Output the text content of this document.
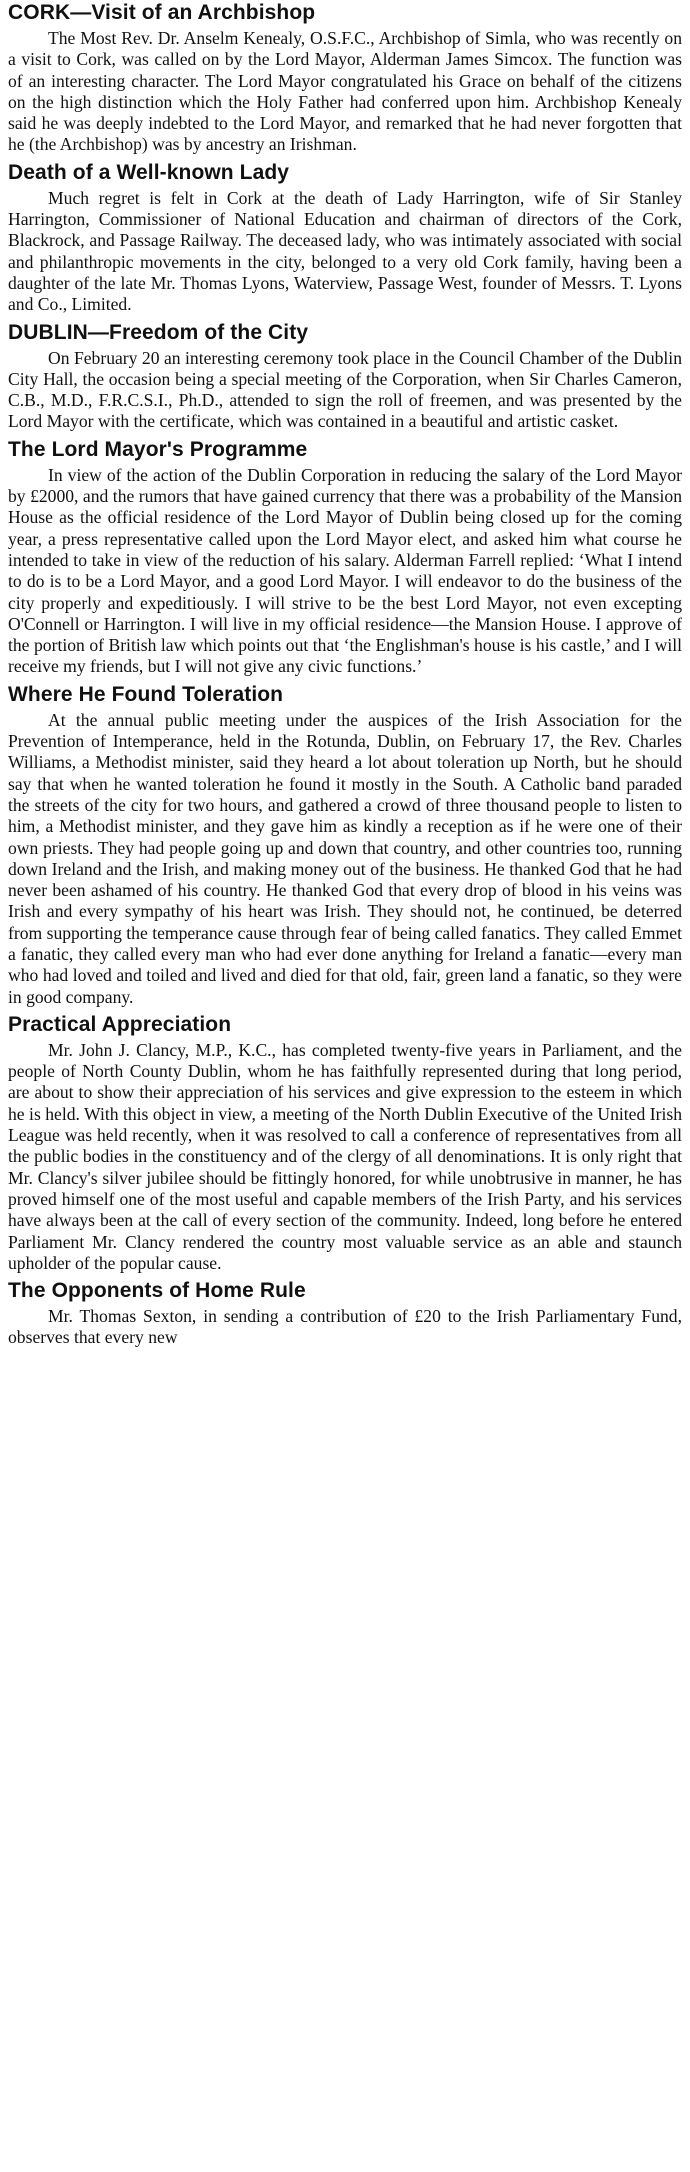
CORK—Visit of an Archbishop

The Most Rev. Dr. Anselm Kenealy, O.S.F.C., Archbishop of Simla, who was recently on a visit to Cork, was called on by the Lord Mayor, Alderman James Simcox. The function was of an interesting character. The Lord Mayor congratulated his Grace on behalf of the citizens on the high distinction which the Holy Father had conferred upon him. Archbishop Kenealy said he was deeply indebted to the Lord Mayor, and remarked that he had never forgotten that he (the Archbishop) was by ancestry an Irishman.

Death of a Well-known Lady

Much regret is felt in Cork at the death of Lady Harrington, wife of Sir Stanley Harrington, Commissioner of National Education and chairman of directors of the Cork, Blackrock, and Passage Railway. The deceased lady, who was intimately associated with social and philanthropic movements in the city, belonged to a very old Cork family, having been a daughter of the late Mr. Thomas Lyons, Waterview, Passage West, founder of Messrs. T. Lyons and Co., Limited.

DUBLIN—Freedom of the City

On February 20 an interesting ceremony took place in the Council Chamber of the Dublin City Hall, the occasion being a special meeting of the Corporation, when Sir Charles Cameron, C.B., M.D., F.R.C.S.I., Ph.D., attended to sign the roll of freemen, and was presented by the Lord Mayor with the certificate, which was contained in a beautiful and artistic casket.

The Lord Mayor's Programme

In view of the action of the Dublin Corporation in reducing the salary of the Lord Mayor by £2000, and the rumors that have gained currency that there was a probability of the Mansion House as the official residence of the Lord Mayor of Dublin being closed up for the coming year, a press representative called upon the Lord Mayor elect, and asked him what course he intended to take in view of the reduction of his salary. Alderman Farrell replied: ‘What I intend to do is to be a Lord Mayor, and a good Lord Mayor. I will endeavor to do the business of the city properly and expeditiously. I will strive to be the best Lord Mayor, not even excepting O'Connell or Harrington. I will live in my official residence—the Mansion House. I approve of the portion of British law which points out that ‘the Englishman's house is his castle,’ and I will receive my friends, but I will not give any civic functions.’

Where He Found Toleration

At the annual public meeting under the auspices of the Irish Association for the Prevention of Intemperance, held in the Rotunda, Dublin, on February 17, the Rev. Charles Williams, a Methodist minister, said they heard a lot about toleration up North, but he should say that when he wanted toleration he found it mostly in the South. A Catholic band paraded the streets of the city for two hours, and gathered a crowd of three thousand people to listen to him, a Methodist minister, and they gave him as kindly a reception as if he were one of their own priests. They had people going up and down that country, and other countries too, running down Ireland and the Irish, and making money out of the business. He thanked God that he had never been ashamed of his country. He thanked God that every drop of blood in his veins was Irish and every sympathy of his heart was Irish. They should not, he continued, be deterred from supporting the temperance cause through fear of being called fanatics. They called Emmet a fanatic, they called every man who had ever done anything for Ireland a fanatic—every man who had loved and toiled and lived and died for that old, fair, green land a fanatic, so they were in good company.

Practical Appreciation

Mr. John J. Clancy, M.P., K.C., has completed twenty-five years in Parliament, and the people of North County Dublin, whom he has faithfully represented during that long period, are about to show their appreciation of his services and give expression to the esteem in which he is held. With this object in view, a meeting of the North Dublin Executive of the United Irish League was held recently, when it was resolved to call a conference of representatives from all the public bodies in the constituency and of the clergy of all denominations. It is only right that Mr. Clancy's silver jubilee should be fittingly honored, for while unobtrusive in manner, he has proved himself one of the most useful and capable members of the Irish Party, and his services have always been at the call of every section of the community. Indeed, long before he entered Parliament Mr. Clancy rendered the country most valuable service as an able and staunch upholder of the popular cause.

The Opponents of Home Rule

Mr. Thomas Sexton, in sending a contribution of £20 to the Irish Parliamentary Fund, observes that every new
